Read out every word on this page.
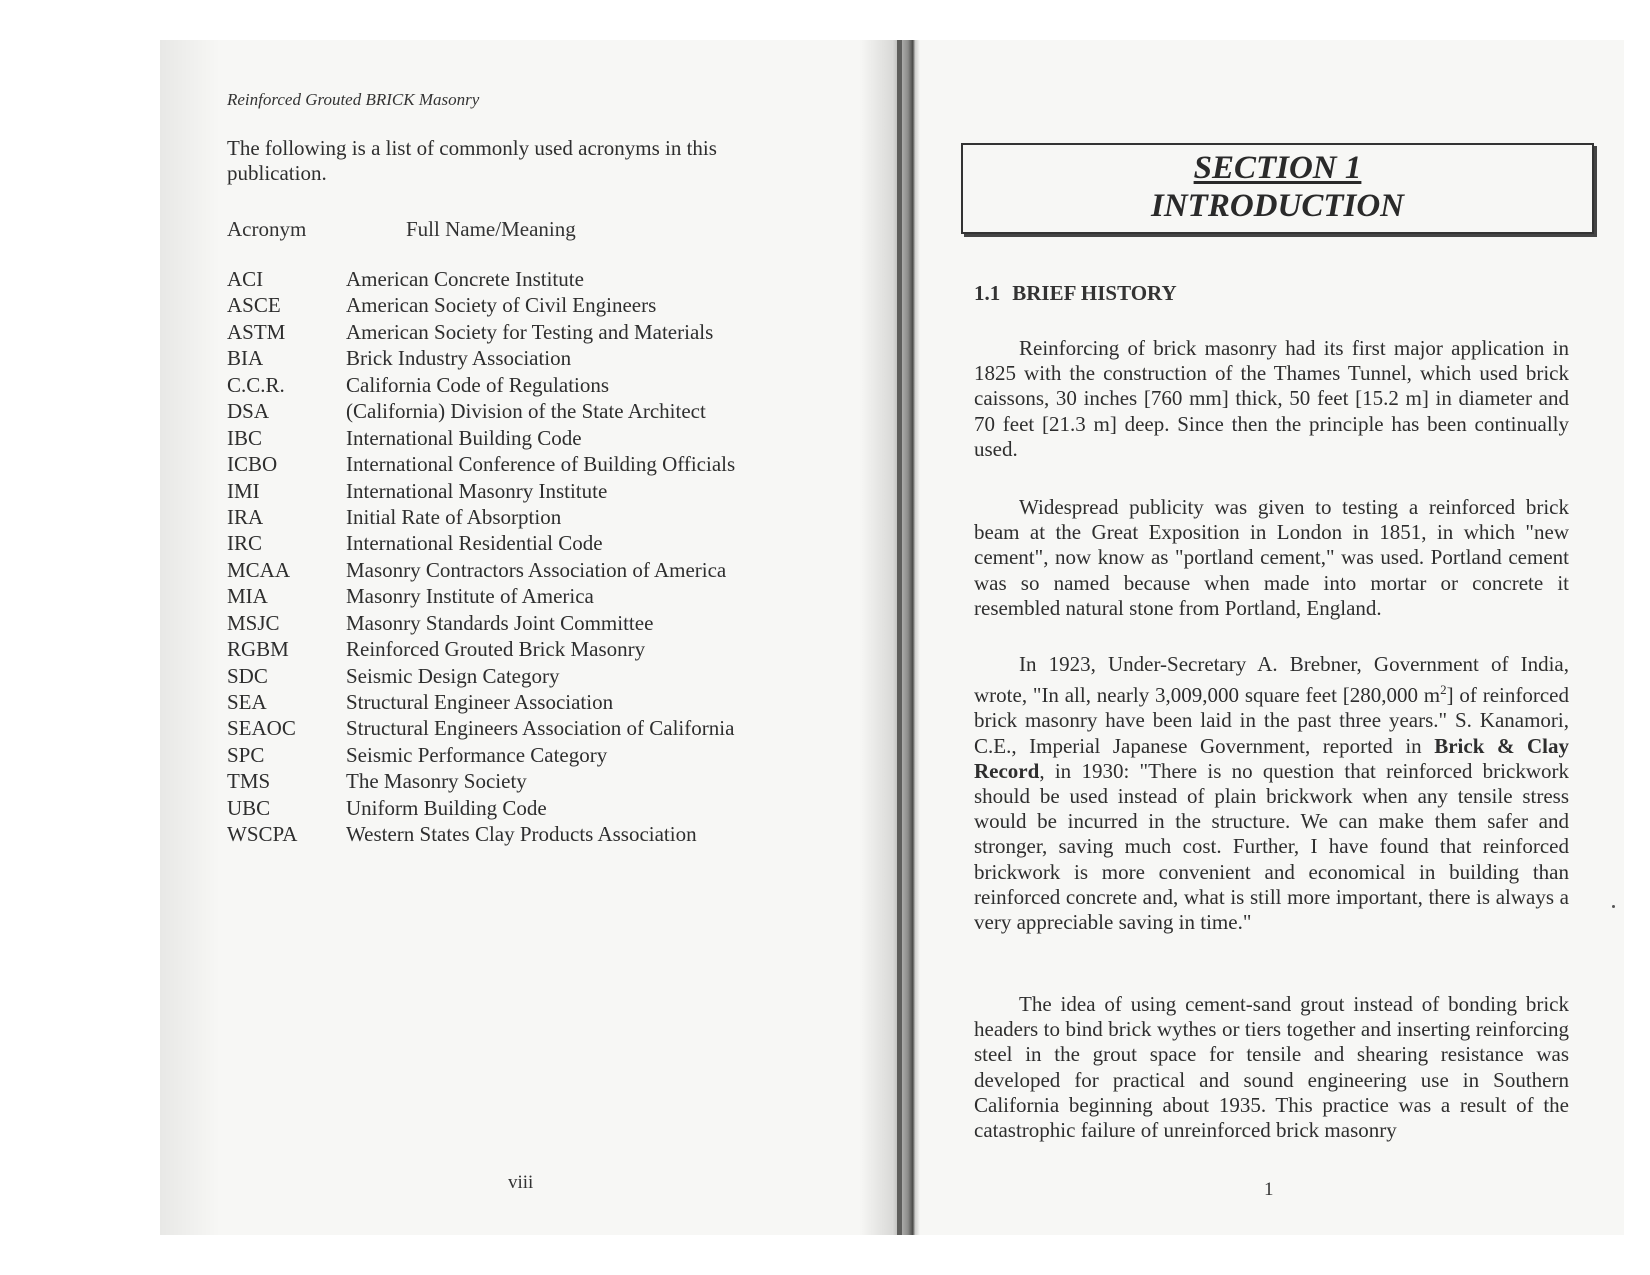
Reinforced Grouted BRICK Masonry
The following is a list of commonly used acronyms in this publication.
Acronym	Full Name/Meaning
ACI	American Concrete Institute
ASCE	American Society of Civil Engineers
ASTM	American Society for Testing and Materials
BIA	Brick Industry Association
C.C.R.	California Code of Regulations
DSA	(California) Division of the State Architect
IBC	International Building Code
ICBO	International Conference of Building Officials
IMI	International Masonry Institute
IRA	Initial Rate of Absorption
IRC	International Residential Code
MCAA	Masonry Contractors Association of America
MIA	Masonry Institute of America
MSJC	Masonry Standards Joint Committee
RGBM	Reinforced Grouted Brick Masonry
SDC	Seismic Design Category
SEA	Structural Engineer Association
SEAOC Structural Engineers Association of California
SPC	Seismic Performance Category
TMS	The Masonry Society
UBC	Uniform Building Code
WSCPA Western States Clay Products Association
viii
SECTION 1
INTRODUCTION
1.1 BRIEF HISTORY

Reinforcing of brick masonry had its first major application in 1825 with the construction of the Thames Tunnel, which used brick caissons, 30 inches [760 mm] thick, 50 feet [15.2 m] in diameter and 70 feet [21.3 m] deep. Since then the principle has been continually used.

Widespread publicity was given to testing a reinforced brick beam at the Great Exposition in London in 1851, in which "new cement", now know as "portland cement," was used. Portland cement was so named because when made into mortar or concrete it resembled natural stone from Portland, England.

In 1923, Under-Secretary A. Brebner, Government of India, wrote, "In all, nearly 3,009,000 square feet [280,000 $m^2$] of reinforced brick masonry have been laid in the past three years." S. Kanamori, C.E., Imperial Japanese Government, reported in Brick & Clay Record, in 1930: "There is no question that reinforced brickwork should be used instead of plain brickwork when any tensile stress would be incurred in the structure. We can make them safer and stronger, saving much cost. Further, I have found that reinforced brickwork is more convenient and economical in building than reinforced concrete and, what is still more important, there is always a very appreciable saving in time."

The idea of using cement-sand grout instead of bonding brick headers to bind brick wythes or tiers together and inserting reinforcing steel in the grout space for tensile and shearing resistance was developed for practical and sound engineering use in Southern California beginning about 1935. This practice was a result of the catastrophic failure of unreinforced brick masonry

1
